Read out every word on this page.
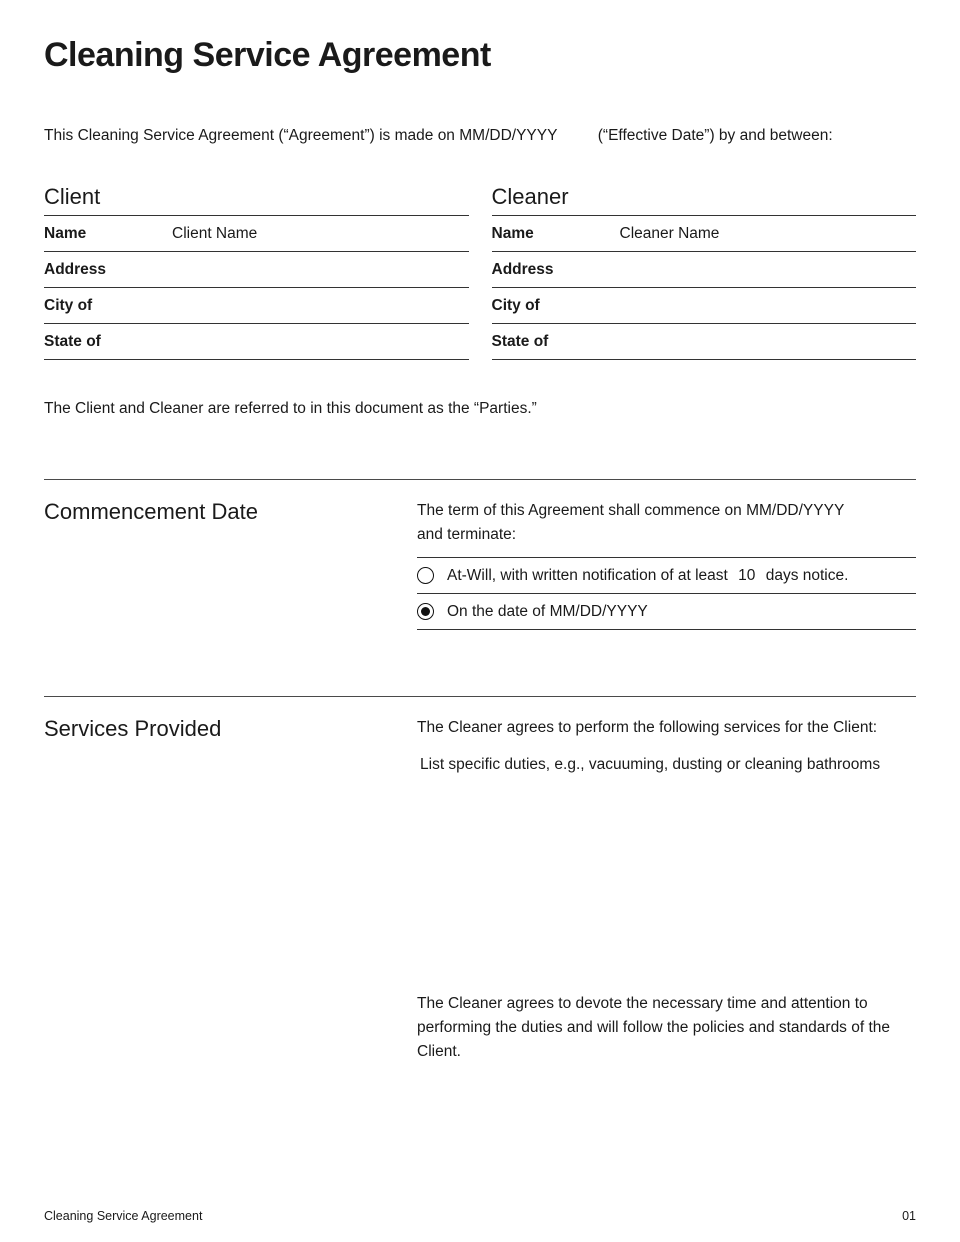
Cleaning Service Agreement

This Cleaning Service Agreement (“Agreement”) is made on MM/DD/YYYY	(“Effective Date”) by and between:

Client
Name	Client Name
Address
City of
State of
Cleaner
Name	Cleaner Name
Address
City of
State of

The Client and Cleaner are referred to in this document as the “Parties.”

Commencement Date	The term of this Agreement shall commence on MM/DD/YYYY

and terminate:

At-Will, with written notification of at least 10 days notice.
On the date of MM/DD/YYYY
Services Provided	The Cleaner agrees to perform the following services for the Client:

List specific duties, e.g., vacuuming, dusting or cleaning bathrooms

The Cleaner agrees to devote the necessary time and attention to performing the duties and will follow the policies and standards of the Client.

Cleaning Service Agreement	01
